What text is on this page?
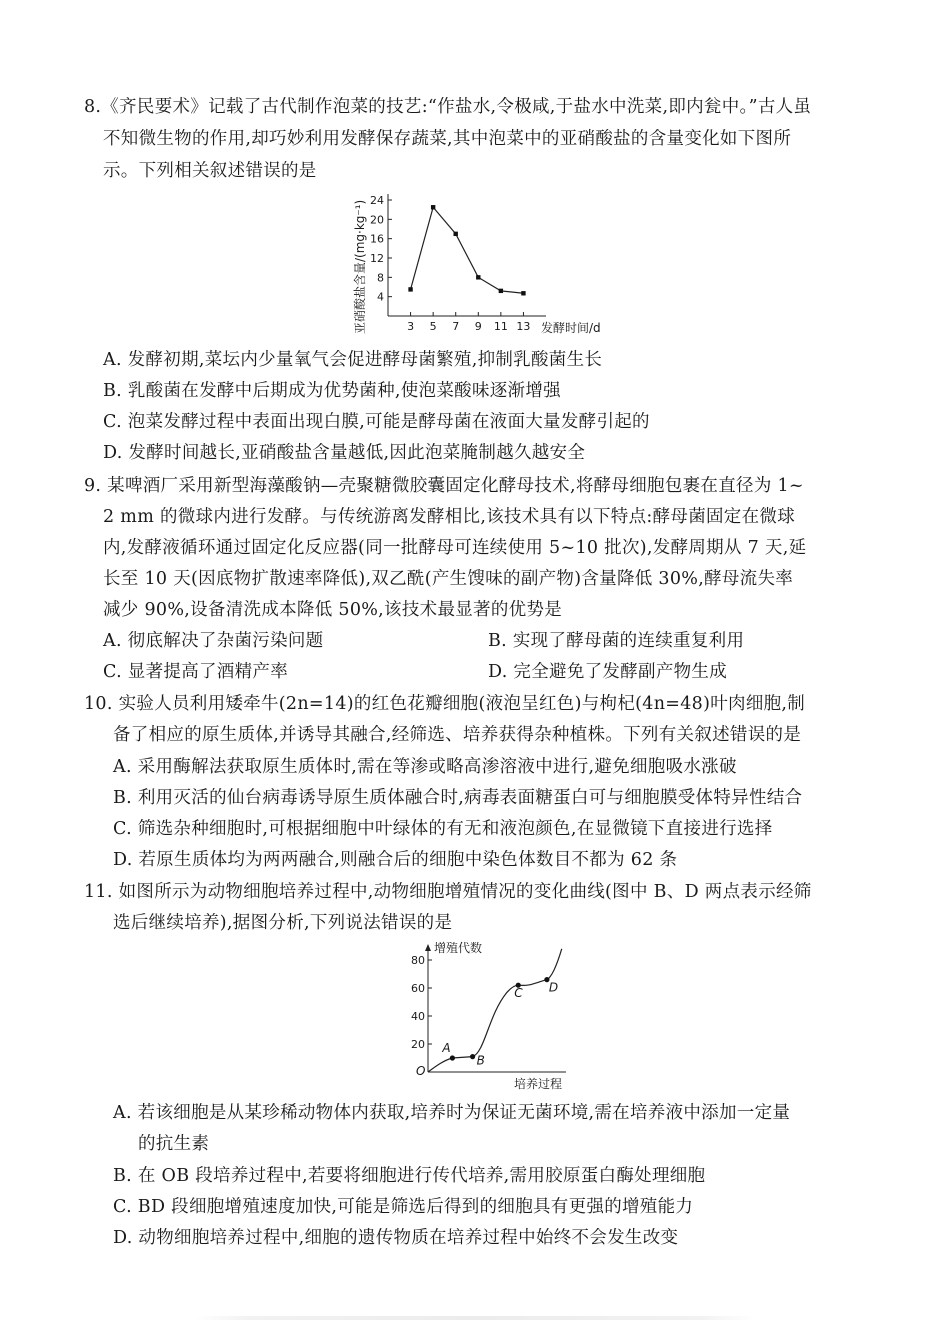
8.《齐民要术》记载了古代制作泡菜的技艺:“作盐水,令极咸,于盐水中洗菜,即内瓮中。”古人虽
不知微生物的作用,却巧妙利用发酵保存蔬菜,其中泡菜中的亚硝酸盐的含量变化如下图所
示。下列相关叙述错误的是
4
8
12
16
20
24
3 5 7 9 11 13
亚硝酸盐含量/(mg·kg⁻¹)	发酵时间/d
A. 发酵初期,菜坛内少量氧气会促进酵母菌繁殖,抑制乳酸菌生长
B. 乳酸菌在发酵中后期成为优势菌种,使泡菜酸味逐渐增强
C. 泡菜发酵过程中表面出现白膜,可能是酵母菌在液面大量发酵引起的
D. 发酵时间越长,亚硝酸盐含量越低,因此泡菜腌制越久越安全
9. 某啤酒厂采用新型海藻酸钠—壳聚糖微胶囊固定化酵母技术,将酵母细胞包裹在直径为 1~
2 mm 的微球内进行发酵。与传统游离发酵相比,该技术具有以下特点:酵母菌固定在微球
内,发酵液循环通过固定化反应器(同一批酵母可连续使用 5~10 批次),发酵周期从 7 天,延
长至 10 天(因底物扩散速率降低),双乙酰(产生馊味的副产物)含量降低 30%,酵母流失率
减少 90%,设备清洗成本降低 50%,该技术最显著的优势是
A. 彻底解决了杂菌污染问题	B. 实现了酵母菌的连续重复利用
C. 显著提高了酒精产率	D. 完全避免了发酵副产物生成
10. 实验人员利用矮牵牛(2n=14)的红色花瓣细胞(液泡呈红色)与枸杞(4n=48)叶肉细胞,制
备了相应的原生质体,并诱导其融合,经筛选、培养获得杂种植株。下列有关叙述错误的是
A. 采用酶解法获取原生质体时,需在等渗或略高渗溶液中进行,避免细胞吸水涨破
B. 利用灭活的仙台病毒诱导原生质体融合时,病毒表面糖蛋白可与细胞膜受体特异性结合
C. 筛选杂种细胞时,可根据细胞中叶绿体的有无和液泡颜色,在显微镜下直接进行选择
D. 若原生质体均为两两融合,则融合后的细胞中染色体数目不都为 62 条
11. 如图所示为动物细胞培养过程中,动物细胞增殖情况的变化曲线(图中 B、D 两点表示经筛
选后继续培养),据图分析,下列说法错误的是
20
40
60
80
A
B
C D
增殖代数
培养过程
O
A. 若该细胞是从某珍稀动物体内获取,培养时为保证无菌环境,需在培养液中添加一定量
的抗生素
B. 在 OB 段培养过程中,若要将细胞进行传代培养,需用胶原蛋白酶处理细胞
C. BD 段细胞增殖速度加快,可能是筛选后得到的细胞具有更强的增殖能力
D. 动物细胞培养过程中,细胞的遗传物质在培养过程中始终不会发生改变
